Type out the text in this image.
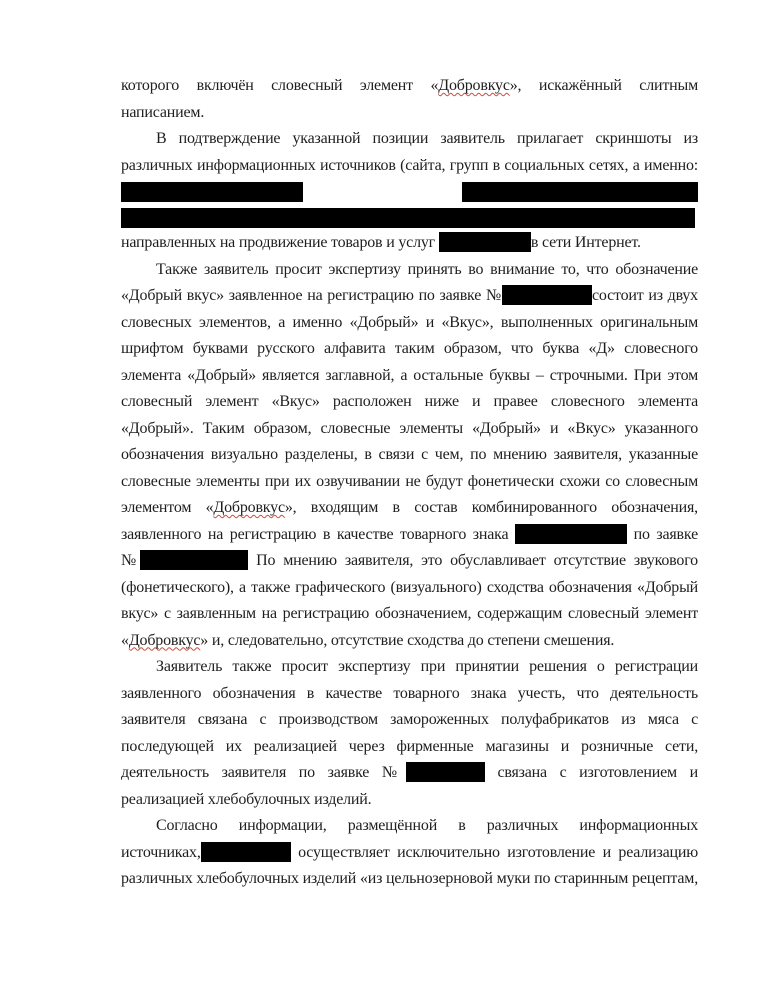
которого включён словесный элемент «Добровкус», искажённый слитным
написанием.
В подтверждение указанной позиции заявитель прилагает скриншоты из
различных информационных источников (сайта, групп в социальных сетях, а именно:
направленных на продвижение товаров и услуг	в сети Интернет.
Также заявитель просит экспертизу принять во внимание то, что обозначение
«Добрый вкус» заявленное на регистрацию по заявке №	состоит из двух
словесных элементов, а именно «Добрый» и «Вкус», выполненных оригинальным
шрифтом буквами русского алфавита таким образом, что буква «Д» словесного
элемента «Добрый» является заглавной, а остальные буквы – строчными. При этом
словесный элемент «Вкус» расположен ниже и правее словесного элемента
«Добрый». Таким образом, словесные элементы «Добрый» и «Вкус» указанного
обозначения визуально разделены, в связи с чем, по мнению заявителя, указанные
словесные элементы при их озвучивании не будут фонетически схожи со словесным
элементом «Добровкус», входящим в состав комбинированного обозначения,
заявленного на регистрацию в качестве товарного знака	по заявке
№	По мнению заявителя, это обуславливает отсутствие звукового
(фонетического), а также графического (визуального) сходства обозначения «Добрый
вкус» с заявленным на регистрацию обозначением, содержащим словесный элемент
«Добровкус» и, следовательно, отсутствие сходства до степени смешения.
Заявитель также просит экспертизу при принятии решения о регистрации
заявленного обозначения в качестве товарного знака учесть, что деятельность
заявителя связана с производством замороженных полуфабрикатов из мяса с
последующей их реализацией через фирменные магазины и розничные сети,
деятельность заявителя по заявке №	связана с изготовлением и
реализацией хлебобулочных изделий.
Согласно информации, размещённой в различных информационных
источниках,	осуществляет исключительно изготовление и реализацию
различных хлебобулочных изделий «из цельнозерновой муки по старинным рецептам,
